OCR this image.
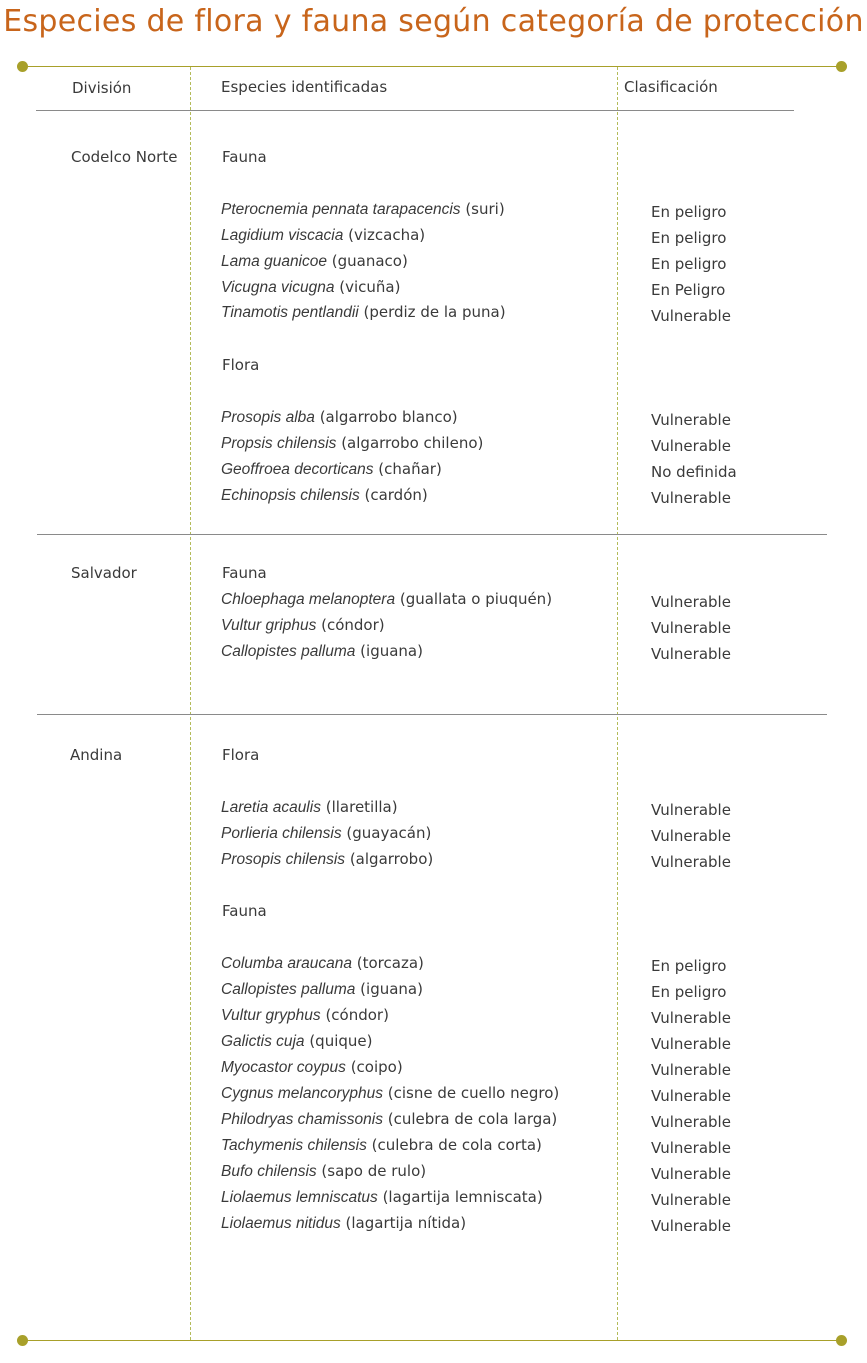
Especies de flora y fauna según categoría de protección
División	Especies identificadas	Clasificación
Codelco Norte	Fauna
Pterocnemia pennata tarapacencis (suri)	En peligro
Lagidium viscacia (vizcacha)	En peligro
Lama guanicoe (guanaco)	En peligro
Vicugna vicugna (vicuña)	En Peligro
Tinamotis pentlandii (perdiz de la puna)	Vulnerable
Flora
Prosopis alba (algarrobo blanco)	Vulnerable
Propsis chilensis (algarrobo chileno)	Vulnerable
Geoffroea decorticans (chañar)	No definida
Echinopsis chilensis (cardón)	Vulnerable
Salvador	Fauna
Chloephaga melanoptera (guallata o piuquén)	Vulnerable
Vultur griphus (cóndor)	Vulnerable
Callopistes palluma (iguana)	Vulnerable
Andina	Flora
Laretia acaulis (llaretilla)	Vulnerable
Porlieria chilensis (guayacán)	Vulnerable
Prosopis chilensis (algarrobo)	Vulnerable
Fauna
Columba araucana (torcaza)	En peligro
Callopistes palluma (iguana)	En peligro
Vultur gryphus (cóndor)	Vulnerable
Galictis cuja (quique)	Vulnerable
Myocastor coypus (coipo)	Vulnerable
Cygnus melancoryphus (cisne de cuello negro)	Vulnerable
Philodryas chamissonis (culebra de cola larga)	Vulnerable
Tachymenis chilensis (culebra de cola corta)	Vulnerable
Bufo chilensis (sapo de rulo)	Vulnerable
Liolaemus lemniscatus (lagartija lemniscata)	Vulnerable
Liolaemus nitidus (lagartija nítida)	Vulnerable
